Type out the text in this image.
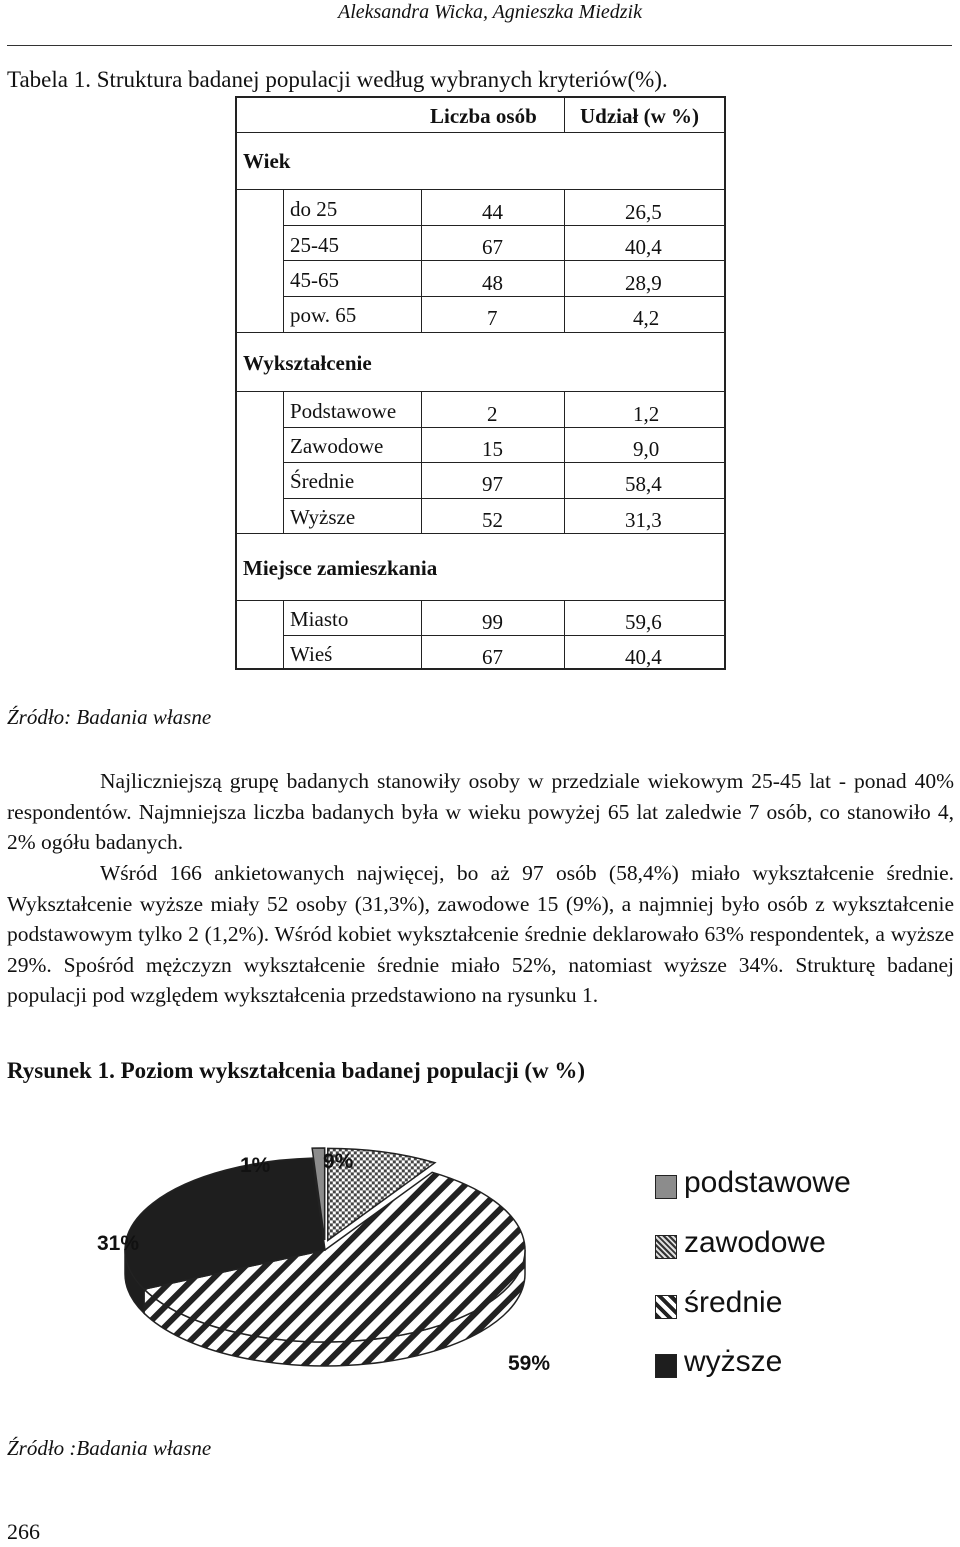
Aleksandra Wicka, Agnieszka Miedzik
Tabela 1. Struktura badanej populacji według wybranych kryteriów(%).
Liczba osób Udział (w %)
Wiek
do 25	44	26,5
25-45	67	40,4
45-65	48	28,9
pow. 65	7	4,2
Wykształcenie
Podstawowe	2	1,2
Zawodowe	15	9,0
Średnie	97	58,4
Wyższe	52	31,3
Miejsce zamieszkania
Miasto	99	59,6
Wieś	67	40,4
Źródło: Badania własne
Najliczniejszą grupę badanych stanowiły osoby w przedziale wiekowym 25-45 lat - ponad 40% respondentów. Najmniejsza liczba badanych była w wieku powyżej 65 lat zaledwie 7 osób, co stanowiło 4, 2% ogółu badanych.
Wśród 166 ankietowanych najwięcej, bo aż 97 osób (58,4%) miało wykształcenie średnie. Wykształcenie wyższe miały 52 osoby (31,3%), zawodowe 15 (9%), a najmniej było osób z wykształcenie podstawowym tylko 2 (1,2%). Wśród kobiet wykształcenie średnie deklarowało 63% respondentek, a wyższe 29%. Spośród mężczyzn wykształcenie średnie miało 52%, natomiast wyższe 34%. Strukturę badanej populacji pod względem wykształcenia przedstawiono na rysunku 1.
Rysunek 1. Poziom wykształcenia badanej populacji (w %)
podstawowe
zawodowe
średnie
wyższe
1%	9%
59%
31%
Źródło :Badania własne
266
